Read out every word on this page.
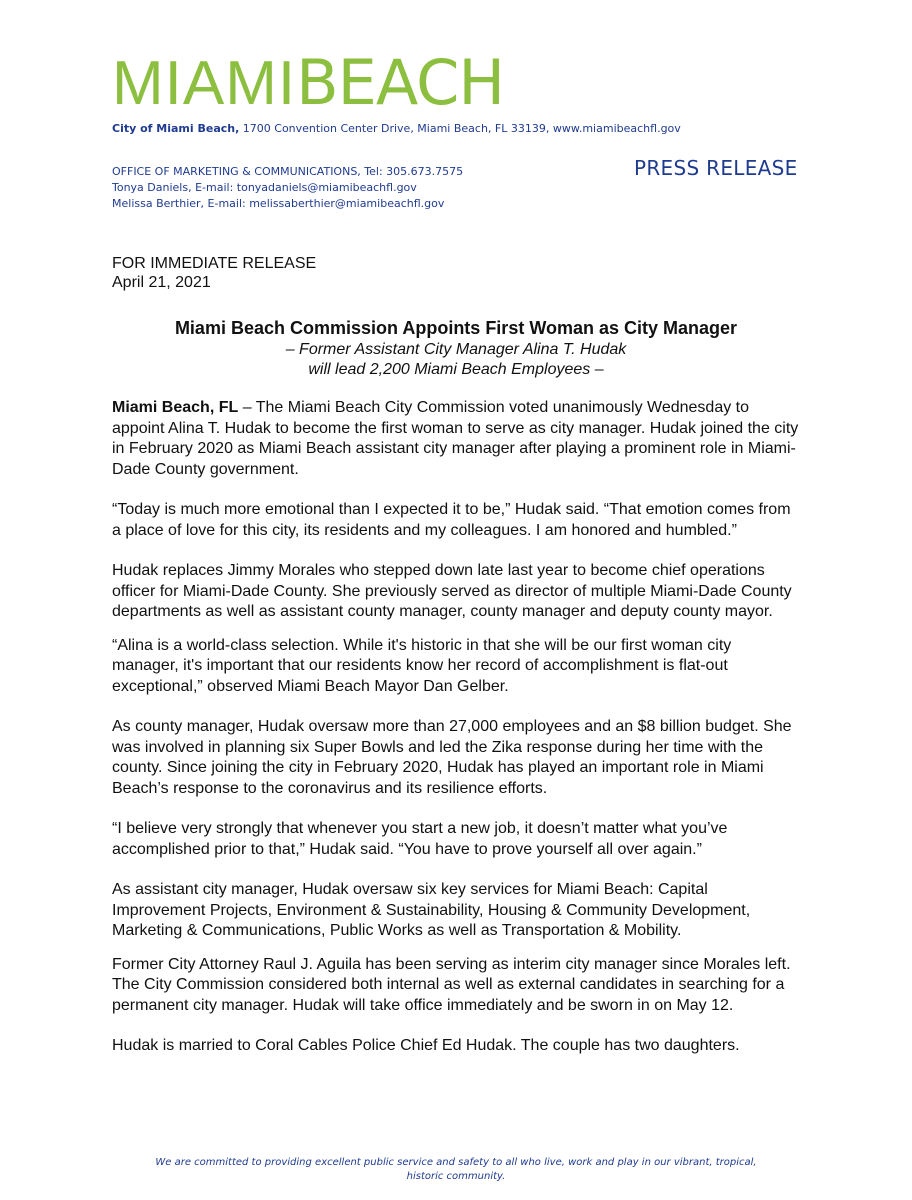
MIAMIBEACH
City of Miami Beach, 1700 Convention Center Drive, Miami Beach, FL 33139, www.miamibeachfl.gov
OFFICE OF MARKETING & COMMUNICATIONS, Tel: 305.673.7575
Tonya Daniels, E-mail: tonyadaniels@miamibeachfl.gov
Melissa Berthier, E-mail: melissaberthier@miamibeachfl.gov
PRESS RELEASE
FOR IMMEDIATE RELEASE
April 21, 2021
Miami Beach Commission Appoints First Woman as City Manager
– Former Assistant City Manager Alina T. Hudak
will lead 2,200 Miami Beach Employees –

Miami Beach, FL – The Miami Beach City Commission voted unanimously Wednesday to appoint Alina T. Hudak to become the first woman to serve as city manager. Hudak joined the city in February 2020 as Miami Beach assistant city manager after playing a prominent role in Miami-Dade County government.

“Today is much more emotional than I expected it to be,” Hudak said. “That emotion comes from a place of love for this city, its residents and my colleagues. I am honored and humbled.”

Hudak replaces Jimmy Morales who stepped down late last year to become chief operations officer for Miami-Dade County. She previously served as director of multiple Miami-Dade County departments as well as assistant county manager, county manager and deputy county mayor.

“Alina is a world-class selection. While it's historic in that she will be our first woman city manager, it's important that our residents know her record of accomplishment is flat-out exceptional,” observed Miami Beach Mayor Dan Gelber.

As county manager, Hudak oversaw more than 27,000 employees and an $8 billion budget. She was involved in planning six Super Bowls and led the Zika response during her time with the county. Since joining the city in February 2020, Hudak has played an important role in Miami Beach’s response to the coronavirus and its resilience efforts.

“I believe very strongly that whenever you start a new job, it doesn’t matter what you’ve accomplished prior to that,” Hudak said. “You have to prove yourself all over again.”

As assistant city manager, Hudak oversaw six key services for Miami Beach: Capital Improvement Projects, Environment & Sustainability, Housing & Community Development, Marketing & Communications, Public Works as well as Transportation & Mobility.

Former City Attorney Raul J. Aguila has been serving as interim city manager since Morales left. The City Commission considered both internal as well as external candidates in searching for a permanent city manager. Hudak will take office immediately and be sworn in on May 12.

Hudak is married to Coral Cables Police Chief Ed Hudak. The couple has two daughters.

We are committed to providing excellent public service and safety to all who live, work and play in our vibrant, tropical,
historic community.
